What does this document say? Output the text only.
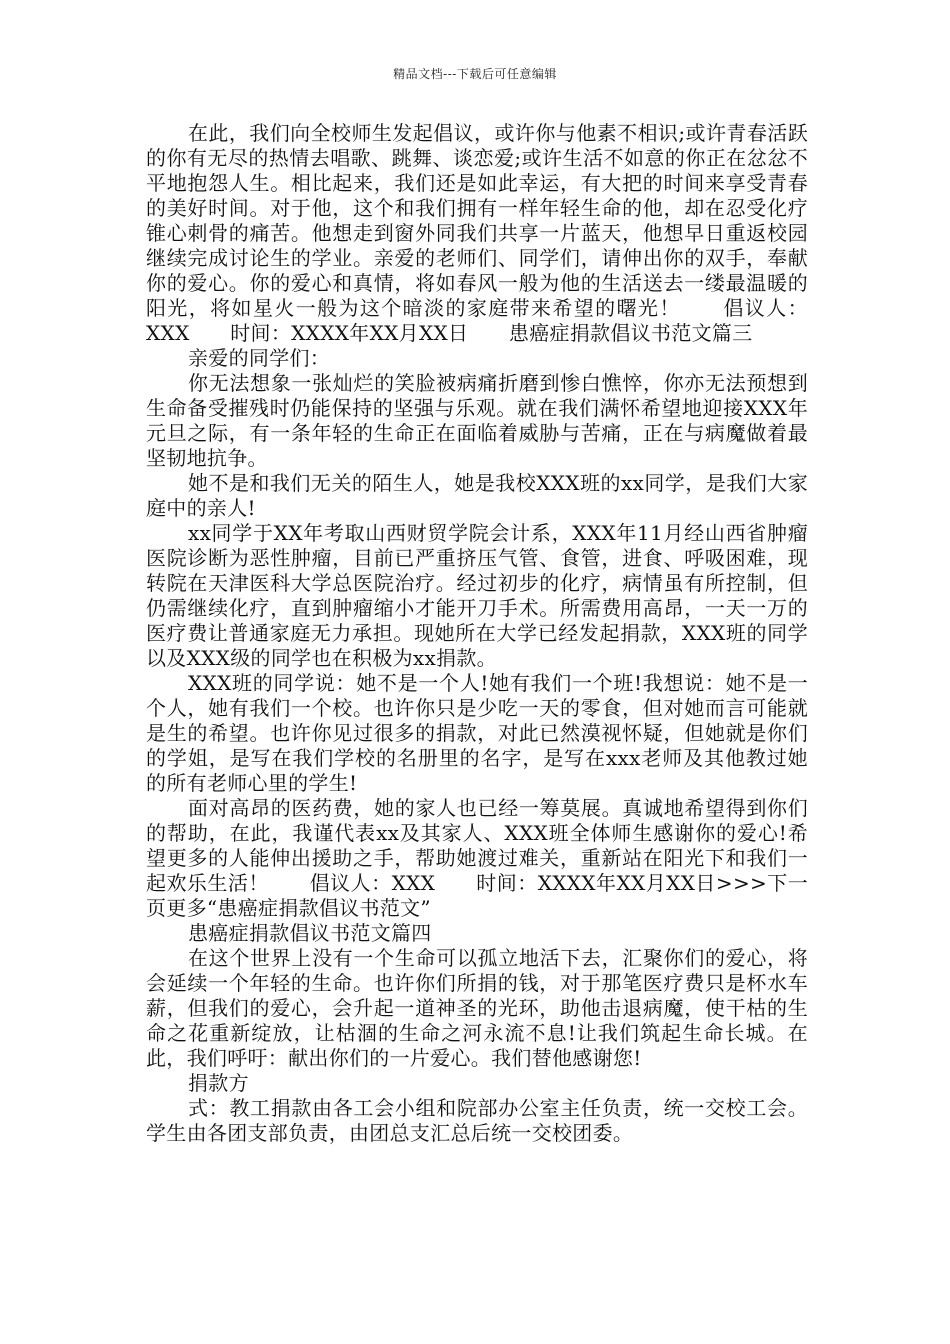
精品文档---下载后可任意编辑

在此，我们向全校师生发起倡议，或许你与他素不相识;或许青春活跃的你有无尽的热情去唱歌、跳舞、谈恋爱;或许生活不如意的你正在忿忿不平地抱怨人生。相比起来，我们还是如此幸运，有大把的时间来享受青春的美好时间。对于他，这个和我们拥有一样年轻生命的他，却在忍受化疗锥心刺骨的痛苦。他想走到窗外同我们共享一片蓝天，他想早日重返校园继续完成讨论生的学业。亲爱的老师们、同学们，请伸出你的双手，奉献你的爱心。你的爱心和真情，将如春风一般为他的生活送去一缕最温暖的阳光，将如星火一般为这个暗淡的家庭带来希望的曙光！　　倡议人：XXX　　时间：XXXX年XX月XX日　　患癌症捐款倡议书范文篇三

亲爱的同学们：

你无法想象一张灿烂的笑脸被病痛折磨到惨白憔悴，你亦无法预想到生命备受摧残时仍能保持的坚强与乐观。就在我们满怀希望地迎接XXX年元旦之际，有一条年轻的生命正在面临着威胁与苦痛，正在与病魔做着最坚韧地抗争。

她不是和我们无关的陌生人，她是我校XXX班的xx同学，是我们大家庭中的亲人!

xx同学于XX年考取山西财贸学院会计系，XXX年11月经山西省肿瘤医院诊断为恶性肿瘤，目前已严重挤压气管、食管，进食、呼吸困难，现转院在天津医科大学总医院治疗。经过初步的化疗，病情虽有所控制，但仍需继续化疗，直到肿瘤缩小才能开刀手术。所需费用高昂，一天一万的医疗费让普通家庭无力承担。现她所在大学已经发起捐款，XXX班的同学以及XXX级的同学也在积极为xx捐款。

XXX班的同学说：她不是一个人!她有我们一个班!我想说：她不是一个人，她有我们一个校。也许你只是少吃一天的零食，但对她而言可能就是生的希望。也许你见过很多的捐款，对此已然漠视怀疑，但她就是你们的学姐，是写在我们学校的名册里的名字，是写在xxx老师及其他教过她的所有老师心里的学生!

面对高昂的医药费，她的家人也已经一筹莫展。真诚地希望得到你们的帮助，在此，我谨代表xx及其家人、XXX班全体师生感谢你的爱心!希望更多的人能伸出援助之手，帮助她渡过难关，重新站在阳光下和我们一起欢乐生活！　　倡议人：XXX　　时间：XXXX年XX月XX日>>>下一页更多“患癌症捐款倡议书范文”

患癌症捐款倡议书范文篇四

在这个世界上没有一个生命可以孤立地活下去，汇聚你们的爱心，将会延续一个年轻的生命。也许你们所捐的钱，对于那笔医疗费只是杯水车薪，但我们的爱心，会升起一道神圣的光环，助他击退病魔，使干枯的生命之花重新绽放，让枯涸的生命之河永流不息!让我们筑起生命长城。在此，我们呼吁：献出你们的一片爱心。我们替他感谢您!

捐款方

式：教工捐款由各工会小组和院部办公室主任负责，统一交校工会。学生由各团支部负责，由团总支汇总后统一交校团委。
